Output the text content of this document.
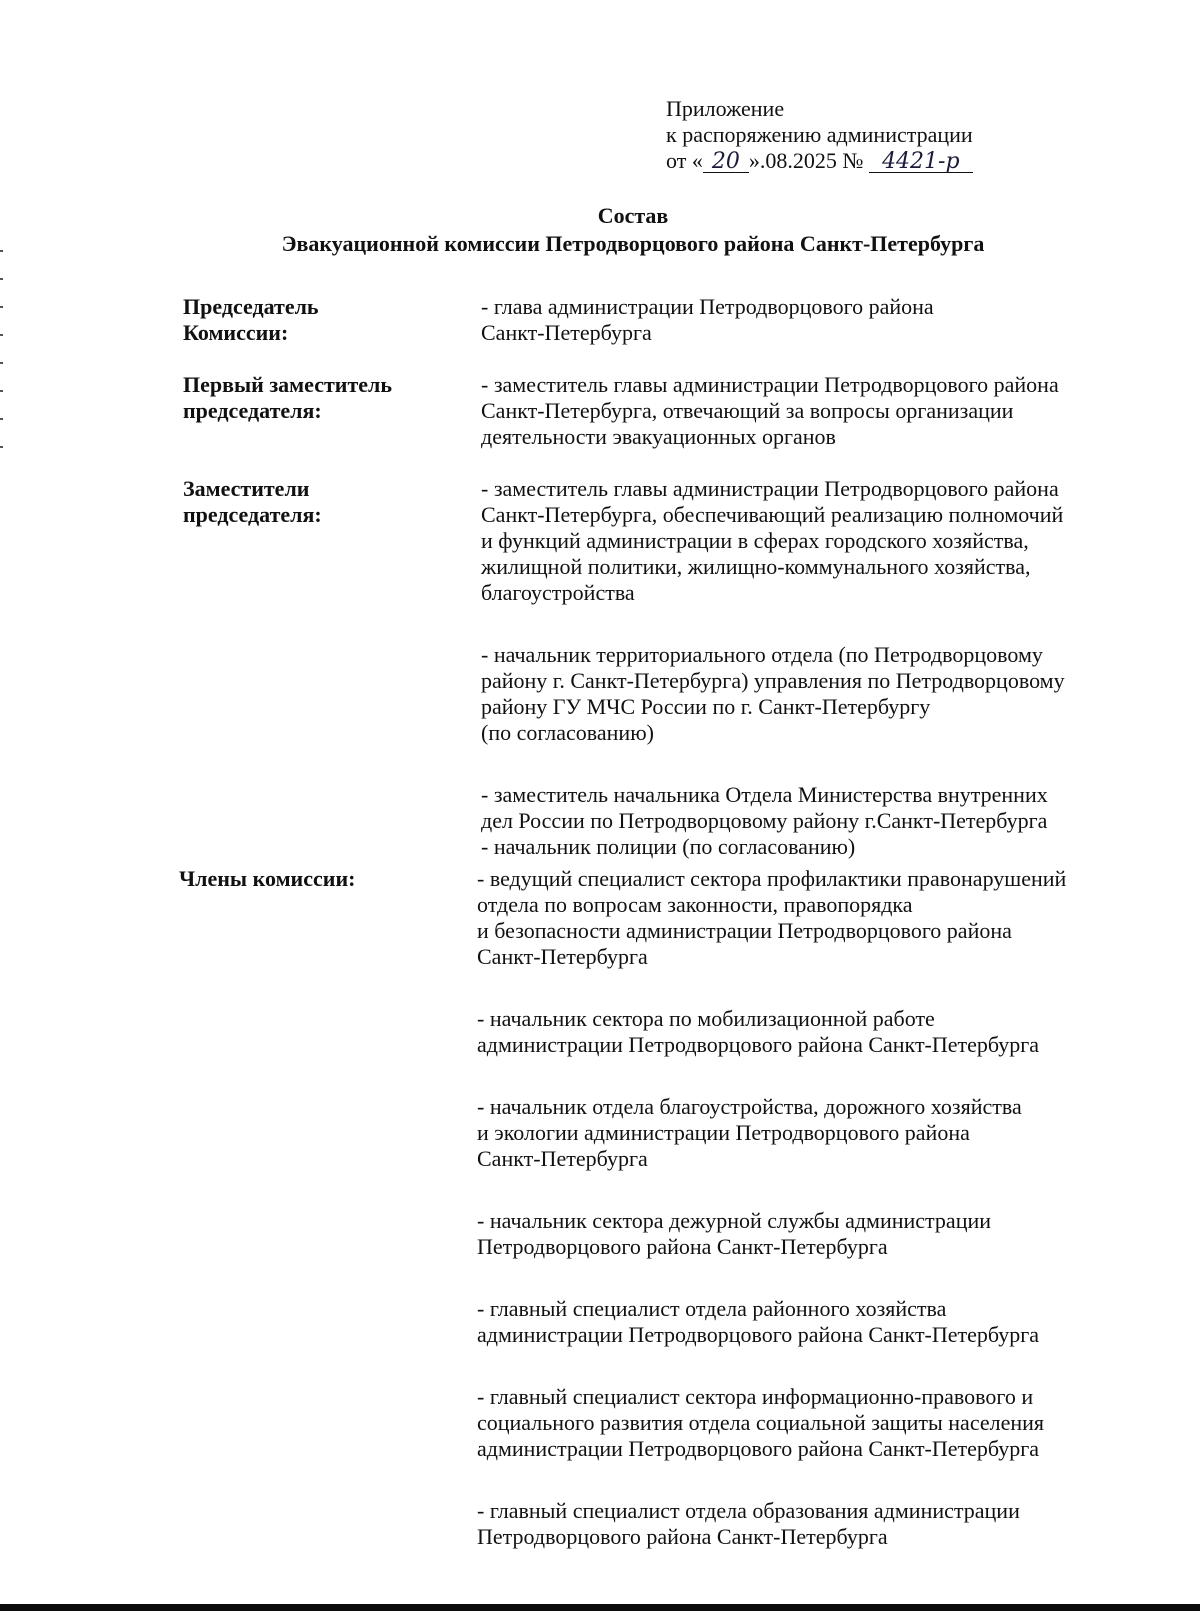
Приложение
к распоряжению администрации
от « 20 ».08.2025 № 4421-р
Состав
Эвакуационной комиссии Петродворцового района Санкт-Петербурга
Председатель
Комиссии:
- глава администрации Петродворцового района
Санкт-Петербурга
Первый заместитель
председателя:
- заместитель главы администрации Петродворцового района
Санкт-Петербурга, отвечающий за вопросы организации
деятельности эвакуационных органов
Заместители
председателя:
- заместитель главы администрации Петродворцового района
Санкт-Петербурга, обеспечивающий реализацию полномочий
и функций администрации в сферах городского хозяйства,
жилищной политики, жилищно-коммунального хозяйства,
благоустройства
- начальник территориального отдела (по Петродворцовому
району г. Санкт-Петербурга) управления по Петродворцовому
району ГУ МЧС России по г. Санкт-Петербургу
(по согласованию)
- заместитель начальника Отдела Министерства внутренних
дел России по Петродворцовому району г.Санкт-Петербурга
- начальник полиции (по согласованию)
Члены комиссии:	- ведущий специалист сектора профилактики правонарушений
отдела по вопросам законности, правопорядка
и безопасности администрации Петродворцового района
Санкт-Петербурга
- начальник сектора по мобилизационной работе
администрации Петродворцового района Санкт-Петербурга
- начальник отдела благоустройства, дорожного хозяйства
и экологии администрации Петродворцового района
Санкт-Петербурга
- начальник сектора дежурной службы администрации
Петродворцового района Санкт-Петербурга
- главный специалист отдела районного хозяйства
администрации Петродворцового района Санкт-Петербурга
- главный специалист сектора информационно-правового и
социального развития отдела социальной защиты населения
администрации Петродворцового района Санкт-Петербурга
- главный специалист отдела образования администрации
Петродворцового района Санкт-Петербурга
